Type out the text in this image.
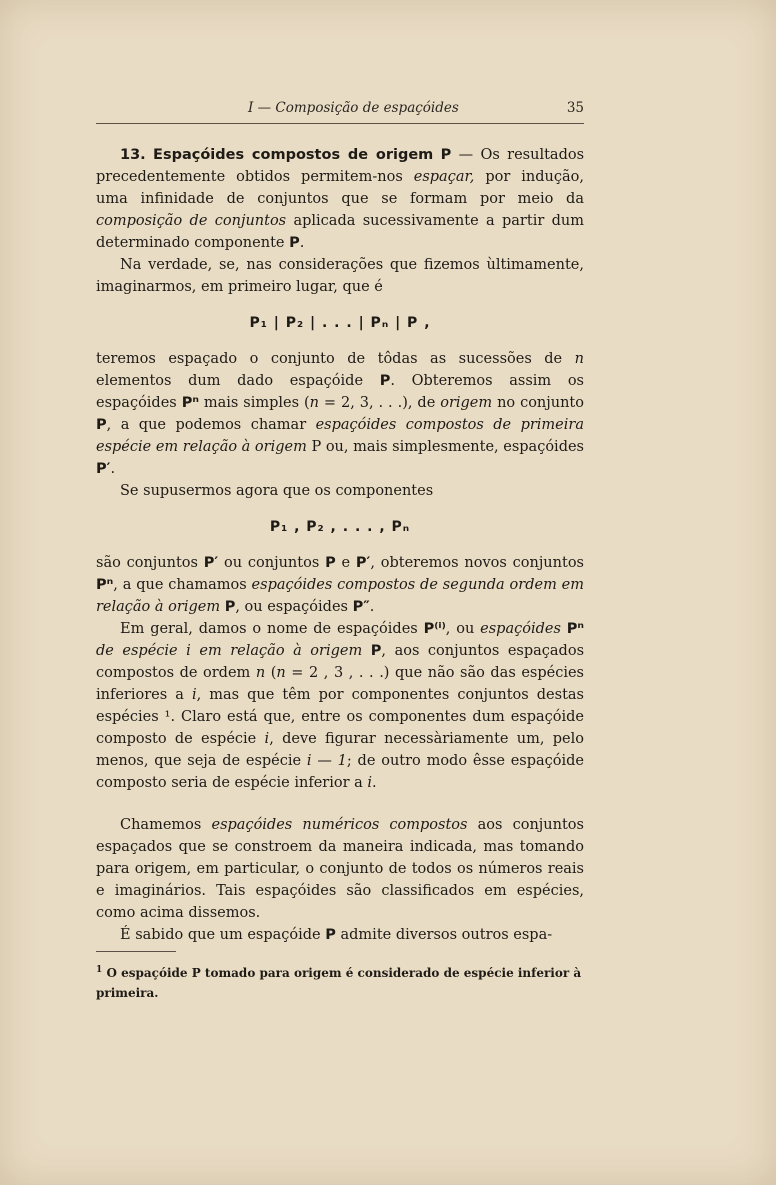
I — Composição de espaçóides	35

13. Espaçóides compostos de origem P — Os resultados precedentemente obtidos permitem-nos espaçar, por indução, uma infinidade de conjuntos que se formam por meio da composição de conjuntos aplicada sucessivamente a partir dum determinado componente P.

Na verdade, se, nas considerações que fizemos ùltimamente, imaginarmos, em primeiro lugar, que é

P₁ | P₂ | . . . | Pₙ | P ,

teremos espaçado o conjunto de tôdas as sucessões de n elementos dum dado espaçóide P. Obteremos assim os espaçóides Pⁿ mais simples (n = 2, 3, . . .), de origem no conjunto P, a que podemos chamar espaçóides compostos de primeira espécie em relação à origem P ou, mais simplesmente, espaçóides P′.

Se supusermos agora que os componentes

P₁ , P₂ , . . . , Pₙ

são conjuntos P′ ou conjuntos P e P′, obteremos novos conjuntos Pⁿ, a que chamamos espaçóides compostos de segunda ordem em relação à origem P, ou espaçóides P″.

Em geral, damos o nome de espaçóides P⁽ⁱ⁾, ou espaçóides Pⁿ de espécie i em relação à origem P, aos conjuntos espaçados compostos de ordem n (n = 2 , 3 , . . .) que não são das espécies inferiores a i, mas que têm por componentes conjuntos destas espécies ¹. Claro está que, entre os componentes dum espaçóide composto de espécie i, deve figurar necessàriamente um, pelo menos, que seja de espécie i — 1; de outro modo êsse espaçóide composto seria de espécie inferior a i.

Chamemos espaçóides numéricos compostos aos conjuntos espaçados que se constroem da maneira indicada, mas tomando para origem, em particular, o conjunto de todos os números reais e imaginários. Tais espaçóides são classificados em espécies, como acima dissemos.

É sabido que um espaçóide P admite diversos outros espa-

$^1$ O espaçóide P tomado para origem é considerado de espécie inferior à primeira.
